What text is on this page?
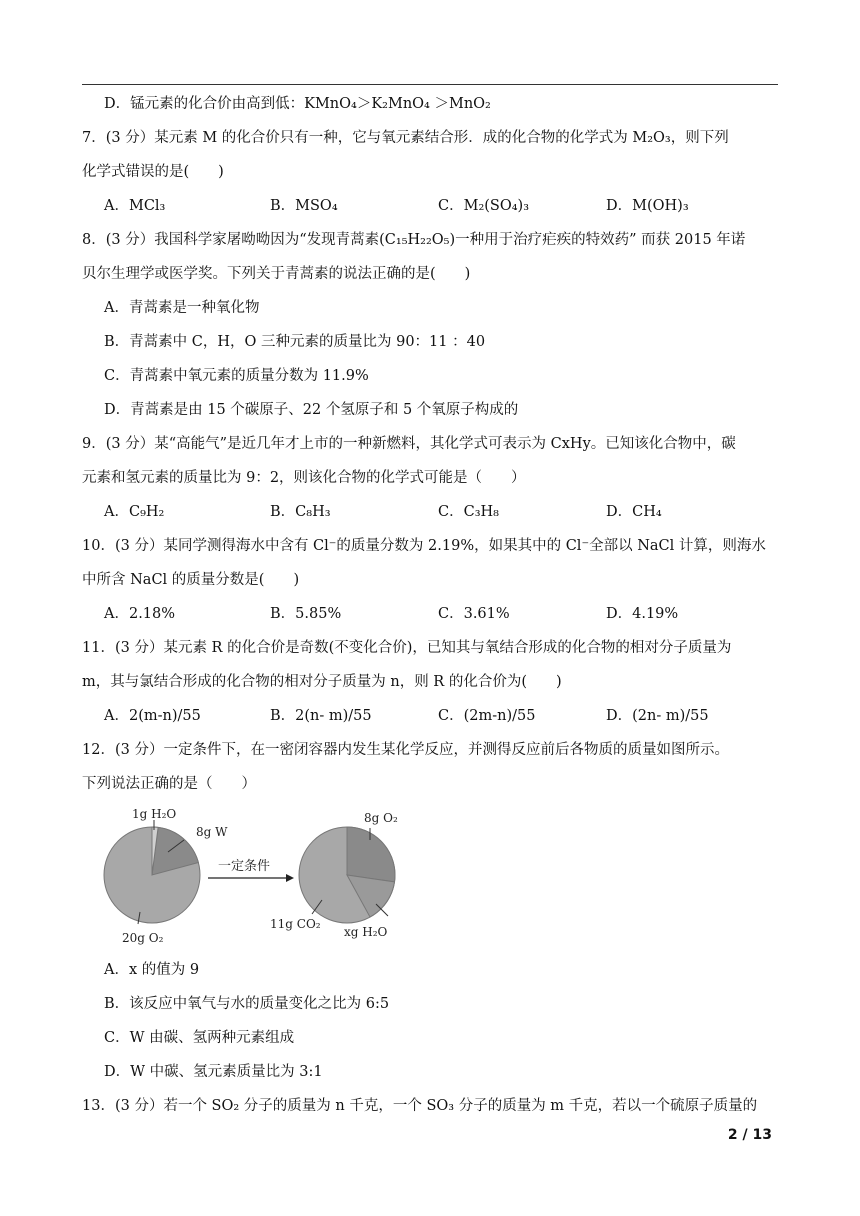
D．锰元素的化合价由高到低：KMnO₄＞K₂MnO₄ ＞MnO₂
7．(3 分）某元素 M 的化合价只有一种，它与氧元素结合形．成的化合物的化学式为 M₂O₃，则下列
化学式错误的是(　　)
A．MCl₃	B．MSO₄	C．M₂(SO₄)₃	D．M(OH)₃
8．(3 分）我国科学家屠呦呦因为“发现青蒿素(C₁₅H₂₂O₅)一种用于治疗疟疾的特效药” 而获 2015 年诺
贝尔生理学或医学奖。下列关于青蒿素的说法正确的是(　　)
A．青蒿素是一种氧化物
B．青蒿素中 C，H，O 三种元素的质量比为 90：11 ：40
C．青蒿素中氧元素的质量分数为 11.9%
D．青蒿素是由 15 个碳原子、22 个氢原子和 5 个氧原子构成的
9．(3 分）某“高能气”是近几年才上市的一种新燃料，其化学式可表示为 CxHy。已知该化合物中，碳
元素和氢元素的质量比为 9：2，则该化合物的化学式可能是（　　）
A．C₉H₂	B．C₈H₃	C．C₃H₈	D．CH₄
10．(3 分）某同学测得海水中含有 Cl⁻的质量分数为 2.19%，如果其中的 Cl⁻全部以 NaCl 计算，则海水
中所含 NaCl 的质量分数是(　　)
A．2.18%	B．5.85%	C．3.61%	D．4.19%
11．(3 分）某元素 R 的化合价是奇数(不变化合价)，已知其与氧结合形成的化合物的相对分子质量为
m，其与氯结合形成的化合物的相对分子质量为 n，则 R 的化合价为(　　)
A．2(m-n)/55	B．2(n- m)/55	C．(2m-n)/55	D．(2n- m)/55
12．(3 分）一定条件下，在一密闭容器内发生某化学反应，并测得反应前后各物质的质量如图所示。
下列说法正确的是（　　）
1g H₂O
8g W
20g O₂
一定条件
8g O₂
11g CO₂
xg H₂O
A．x 的值为 9
B．该反应中氧气与水的质量变化之比为 6:5
C．W 由碳、氢两种元素组成
D．W 中碳、氢元素质量比为 3:1
13．(3 分）若一个 SO₂ 分子的质量为 n 千克，一个 SO₃ 分子的质量为 m 千克，若以一个硫原子质量的
2 / 13
